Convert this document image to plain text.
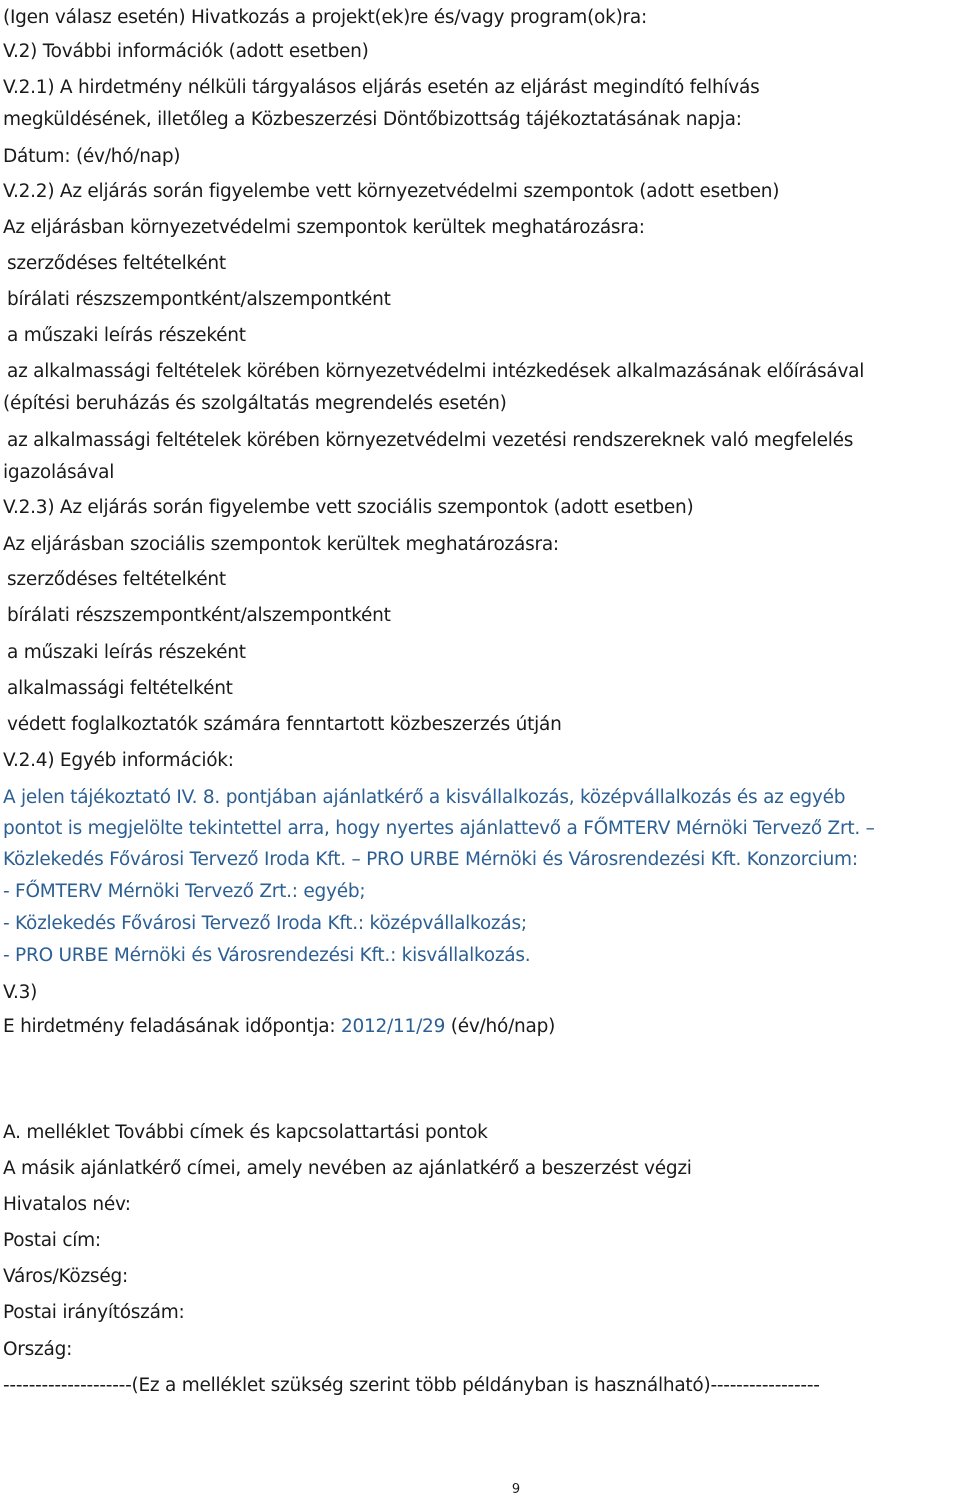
(Igen válasz esetén) Hivatkozás a projekt(ek)re és/vagy program(ok)ra:
V.2) További információk (adott esetben)
V.2.1) A hirdetmény nélküli tárgyalásos eljárás esetén az eljárást megindító felhívás
megküldésének, illetőleg a Közbeszerzési Döntőbizottság tájékoztatásának napja:
Dátum: (év/hó/nap)
V.2.2) Az eljárás során figyelembe vett környezetvédelmi szempontok (adott esetben)
Az eljárásban környezetvédelmi szempontok kerültek meghatározásra:
szerződéses feltételként
bírálati részszempontként/alszempontként
a műszaki leírás részeként
az alkalmassági feltételek körében környezetvédelmi intézkedések alkalmazásának előírásával
(építési beruházás és szolgáltatás megrendelés esetén)
az alkalmassági feltételek körében környezetvédelmi vezetési rendszereknek való megfelelés
igazolásával
V.2.3) Az eljárás során figyelembe vett szociális szempontok (adott esetben)
Az eljárásban szociális szempontok kerültek meghatározásra:
szerződéses feltételként
bírálati részszempontként/alszempontként
a műszaki leírás részeként
alkalmassági feltételként
védett foglalkoztatók számára fenntartott közbeszerzés útján
V.2.4) Egyéb információk:
A jelen tájékoztató IV. 8. pontjában ajánlatkérő a kisvállalkozás, középvállalkozás és az egyéb
pontot is megjelölte tekintettel arra, hogy nyertes ajánlattevő a FŐMTERV Mérnöki Tervező Zrt. –
Közlekedés Fővárosi Tervező Iroda Kft. – PRO URBE Mérnöki és Városrendezési Kft. Konzorcium:
- FŐMTERV Mérnöki Tervező Zrt.: egyéb;
- Közlekedés Fővárosi Tervező Iroda Kft.: középvállalkozás;
- PRO URBE Mérnöki és Városrendezési Kft.: kisvállalkozás.
V.3)
E hirdetmény feladásának időpontja: 2012/11/29 (év/hó/nap)
A. melléklet További címek és kapcsolattartási pontok
A másik ajánlatkérő címei, amely nevében az ajánlatkérő a beszerzést végzi
Hivatalos név:
Postai cím:
Város/Község:
Postai irányítószám:
Ország:
--------------------(Ez a melléklet szükség szerint több példányban is használható)-----------------
9
